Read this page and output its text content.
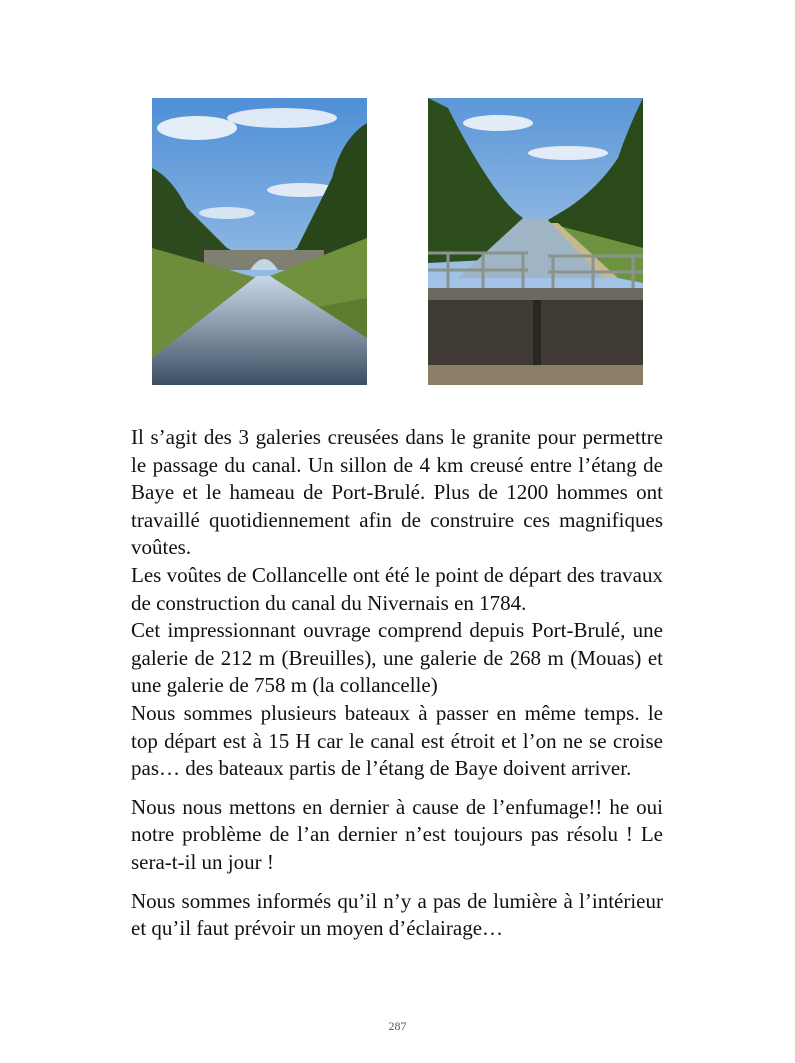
Il s’agit des 3 galeries creusées dans le granite pour permettre le passage du canal. Un sillon de 4 km creusé entre l’étang de Baye et le hameau de Port-Brulé. Plus de 1200 hommes ont travaillé quotidiennement afin de construire ces magnifiques voûtes.

Les voûtes de Collancelle ont été le point de départ des travaux de construction du canal du Nivernais en 1784.

Cet impressionnant ouvrage comprend depuis Port-Brulé, une galerie de 212 m (Breuilles), une galerie de 268 m (Mouas) et une galerie de 758 m (la collancelle)

Nous sommes plusieurs bateaux à passer en même temps. le top départ est à 15 H car le canal est étroit et l’on ne se croise pas… des bateaux partis de l’étang de Baye doivent arriver.

Nous nous mettons en dernier à cause de l’enfumage!! he oui notre problème de l’an dernier n’est toujours pas résolu ! Le sera-t-il un jour !

Nous sommes informés qu’il n’y a pas de lumière à l’intérieur et qu’il faut prévoir un moyen d’éclairage…

287
